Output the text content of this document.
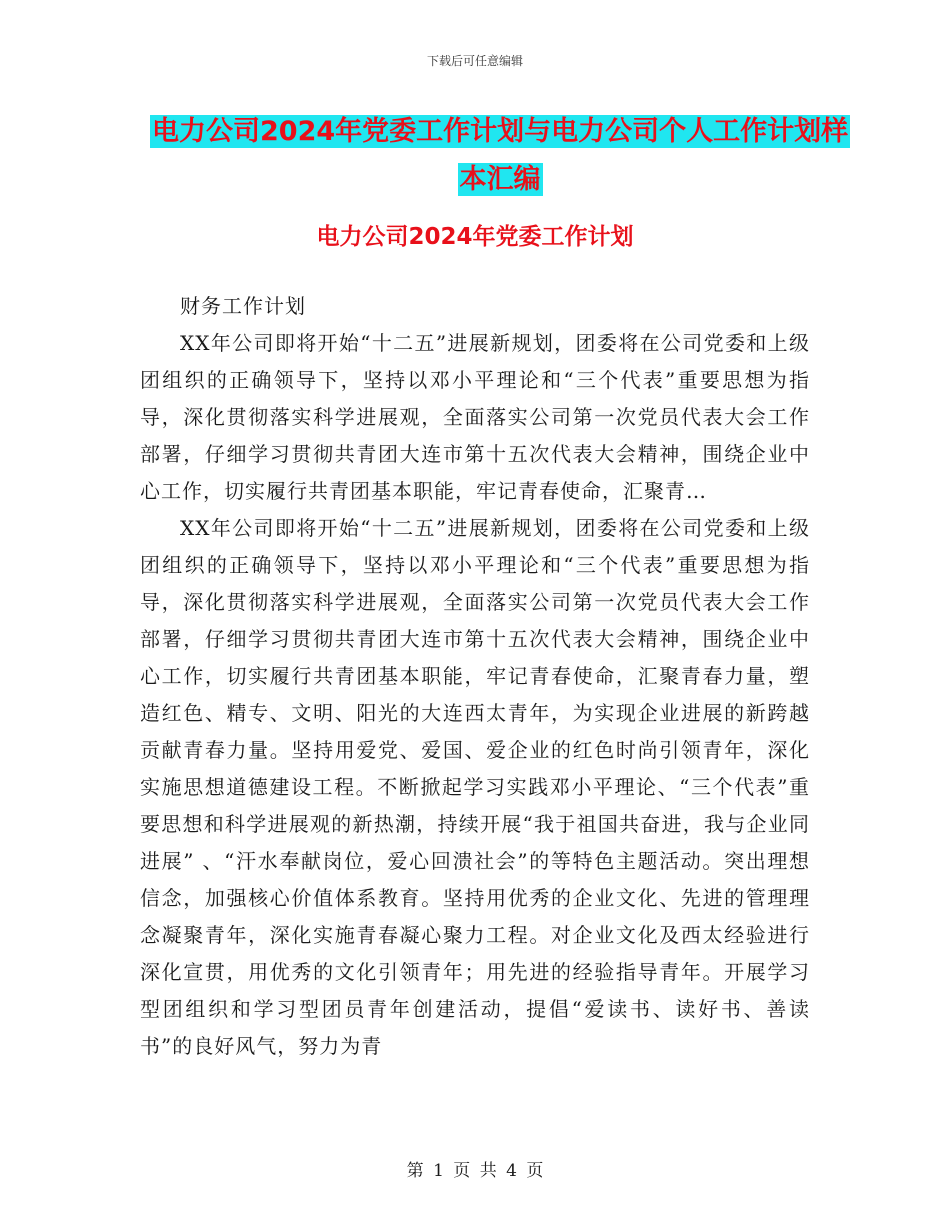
下载后可任意编辑
电力公司2024年党委工作计划与电力公司个人工作计划样本汇编
电力公司2024年党委工作计划

财务工作计划

XX年公司即将开始“十二五”进展新规划，团委将在公司党委和上级团组织的正确领导下，坚持以邓小平理论和“三个代表”重要思想为指导，深化贯彻落实科学进展观，全面落实公司第一次党员代表大会工作部署，仔细学习贯彻共青团大连市第十五次代表大会精神，围绕企业中心工作，切实履行共青团基本职能，牢记青春使命，汇聚青…

XX年公司即将开始“十二五”进展新规划，团委将在公司党委和上级团组织的正确领导下，坚持以邓小平理论和“三个代表”重要思想为指导，深化贯彻落实科学进展观，全面落实公司第一次党员代表大会工作部署，仔细学习贯彻共青团大连市第十五次代表大会精神，围绕企业中心工作，切实履行共青团基本职能，牢记青春使命，汇聚青春力量，塑造红色、精专、文明、阳光的大连西太青年，为实现企业进展的新跨越贡献青春力量。坚持用爱党、爱国、爱企业的红色时尚引领青年，深化实施思想道德建设工程。不断掀起学习实践邓小平理论、“三个代表”重要思想和科学进展观的新热潮，持续开展“我于祖国共奋进，我与企业同进展” 、“汗水奉献岗位，爱心回溃社会”的等特色主题活动。突出理想信念，加强核心价值体系教育。坚持用优秀的企业文化、先进的管理理念凝聚青年，深化实施青春凝心聚力工程。对企业文化及西太经验进行深化宣贯，用优秀的文化引领青年；用先进的经验指导青年。开展学习型团组织和学习型团员青年创建活动，提倡“爱读书、读好书、善读书”的良好风气，努力为青

第 1 页 共 4 页
